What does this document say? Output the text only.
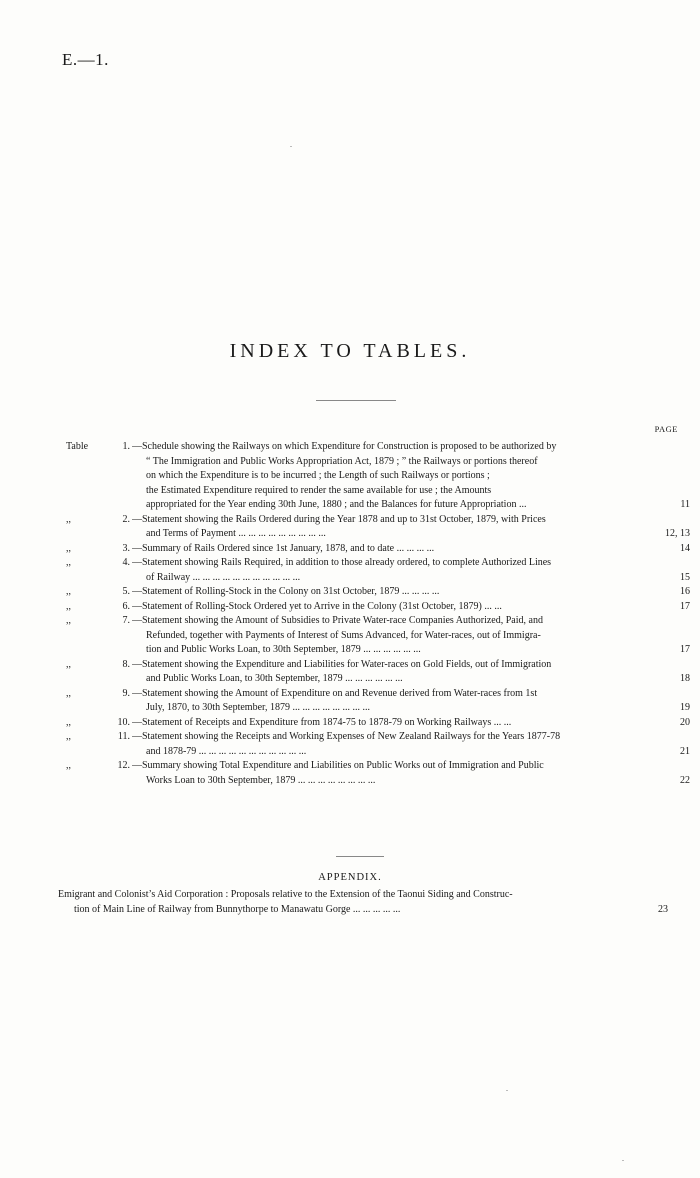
E.—1.
INDEX TO TABLES.
PAGE
Table	1. —Schedule showing the Railways on which Expenditure for Construction is proposed to be authorized by
“ The Immigration and Public Works Appropriation Act, 1879 ; ” the Railways or portions thereof
on which the Expenditure is to be incurred ; the Length of such Railways or portions ;
the Estimated Expenditure required to render the same available for use ; the Amounts
appropriated for the Year ending 30th June, 1880 ; and the Balances for future Appropriation ...	11
,,	2. —Statement showing the Rails Ordered during the Year 1878 and up to 31st October, 1879, with Prices
and Terms of Payment ... ... ... ... ... ... ... ... ...	12, 13
,,	3. —Summary of Rails Ordered since 1st January, 1878, and to date ... ... ... ...	14
,,	4. —Statement showing Rails Required, in addition to those already ordered, to complete Authorized Lines
of Railway ... ... ... ... ... ... ... ... ... ... ...	15
,,	5. —Statement of Rolling-Stock in the Colony on 31st October, 1879 ... ... ... ...	16
,,	6. —Statement of Rolling-Stock Ordered yet to Arrive in the Colony (31st October, 1879) ... ...	17
,,	7. —Statement showing the Amount of Subsidies to Private Water-race Companies Authorized, Paid, and
Refunded, together with Payments of Interest of Sums Advanced, for Water-races, out of Immigra-
tion and Public Works Loan, to 30th September, 1879 ... ... ... ... ... ...	17
,,	8. —Statement showing the Expenditure and Liabilities for Water-races on Gold Fields, out of Immigration
and Public Works Loan, to 30th September, 1879 ... ... ... ... ... ...	18
,,	9. —Statement showing the Amount of Expenditure on and Revenue derived from Water-races from 1st
July, 1870, to 30th September, 1879 ... ... ... ... ... ... ... ...	19
,,	10. —Statement of Receipts and Expenditure from 1874-75 to 1878-79 on Working Railways ... ...	20
,,	11. —Statement showing the Receipts and Working Expenses of New Zealand Railways for the Years 1877-78
and 1878-79 ... ... ... ... ... ... ... ... ... ... ...	21
,,	12. —Summary showing Total Expenditure and Liabilities on Public Works out of Immigration and Public
Works Loan to 30th September, 1879 ... ... ... ... ... ... ... ...	22
APPENDIX.
Emigrant and Colonist’s Aid Corporation : Proposals relative to the Extension of the Taonui Siding and Construc-
tion of Main Line of Railway from Bunnythorpe to Manawatu Gorge ... ... ... ... ...	23
